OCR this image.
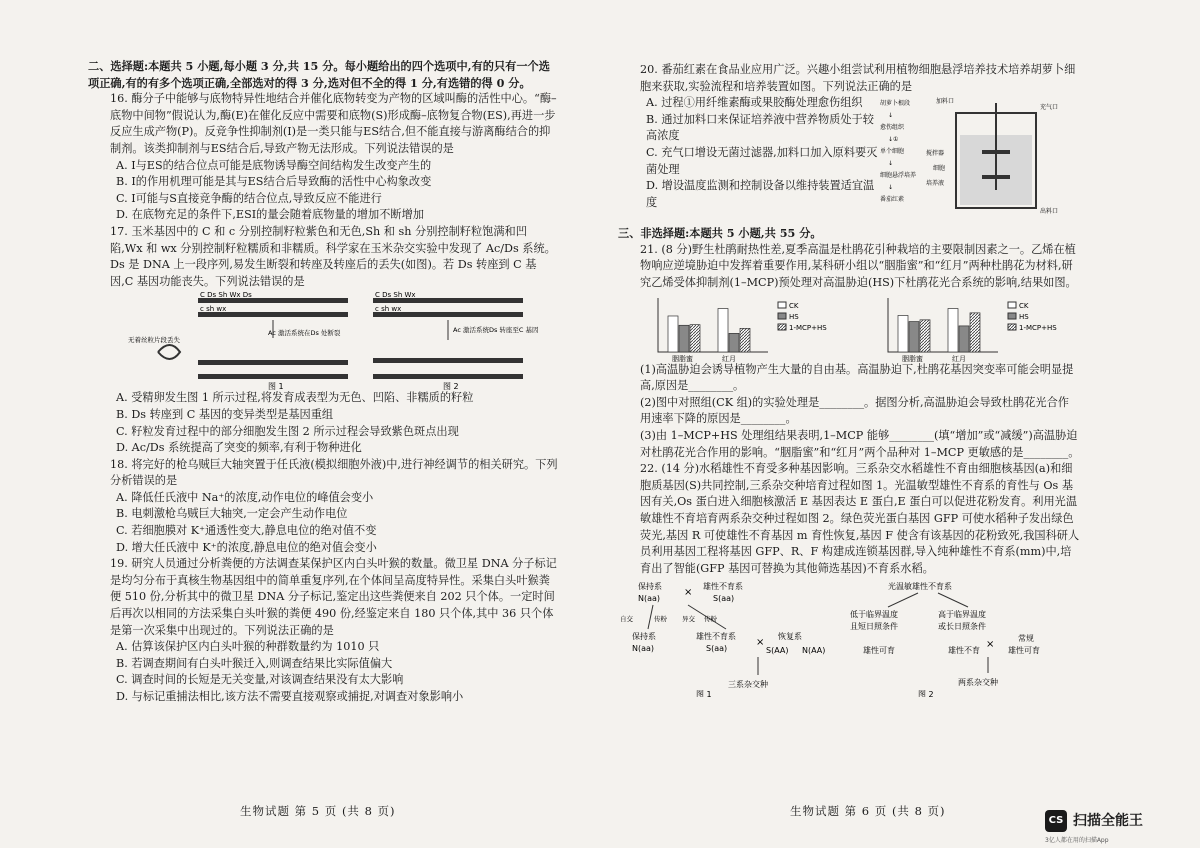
二、选择题:本题共 5 小题,每小题 3 分,共 15 分。每小题给出的四个选项中,有的只有一个选项正确,有的有多个选项正确,全部选对的得 3 分,选对但不全的得 1 分,有选错的得 0 分。

16. 酶分子中能够与底物特异性地结合并催化底物转变为产物的区域叫酶的活性中心。“酶–底物中间物”假说认为,酶(E)在催化反应中需要和底物(S)形成酶–底物复合物(ES),再进一步反应生成产物(P)。反竞争性抑制剂(I)是一类只能与ES结合,但不能直接与游离酶结合的抑制剂。该类抑制剂与ES结合后,导致产物无法形成。下列说法错误的是

A. I与ES的结合位点可能是底物诱导酶空间结构发生改变产生的

B. I的作用机理可能是其与ES结合后导致酶的活性中心构象改变

C. I可能与S直接竞争酶的结合位点,导致反应不能进行

D. 在底物充足的条件下,ESI的量会随着底物量的增加不断增加

17. 玉米基因中的 C 和 c 分别控制籽粒紫色和无色,Sh 和 sh 分别控制籽粒饱满和凹陷,Wx 和 wx 分别控制籽粒糯质和非糯质。科学家在玉米杂交实验中发现了 Ac/Ds 系统。Ds 是 DNA 上一段序列,易发生断裂和转座及转座后的丢失(如图)。若 Ds 转座到 C 基因,C 基因功能丧失。下列说法错误的是

C Ds Sh Wx Ds
c sh wx
C Ds Sh Wx
c sh wx
无着丝粒片段丢失
Ac 激活系统在Ds 处断裂	Ac 激活系统Ds 转座至C 基因
图 1	图 2

A. 受精卵发生图 1 所示过程,将发育成表型为无色、凹陷、非糯质的籽粒

B. Ds 转座到 C 基因的变异类型是基因重组

C. 籽粒发育过程中的部分细胞发生图 2 所示过程会导致紫色斑点出现

D. Ac/Ds 系统提高了突变的频率,有利于物种进化

18. 将完好的枪乌贼巨大轴突置于任氏液(模拟细胞外液)中,进行神经调节的相关研究。下列分析错误的是

A. 降低任氏液中 Na⁺的浓度,动作电位的峰值会变小

B. 电刺激枪乌贼巨大轴突,一定会产生动作电位

C. 若细胞膜对 K⁺通透性变大,静息电位的绝对值不变

D. 增大任氏液中 K⁺的浓度,静息电位的绝对值会变小

19. 研究人员通过分析粪便的方法调查某保护区内白头叶猴的数量。微卫星 DNA 分子标记是均匀分布于真核生物基因组中的简单重复序列,在个体间呈高度特异性。采集白头叶猴粪便 510 份,分析其中的微卫星 DNA 分子标记,鉴定出这些粪便来自 202 只个体。一定时间后再次以相同的方法采集白头叶猴的粪便 490 份,经鉴定来自 180 只个体,其中 36 只个体是第一次采集中出现过的。下列说法正确的是

A. 估算该保护区内白头叶猴的种群数量约为 1010 只

B. 若调查期间有白头叶猴迁入,则调查结果比实际值偏大

C. 调查时间的长短是无关变量,对该调查结果没有太大影响

D. 与标记重捕法相比,该方法不需要直接观察或捕捉,对调查对象影响小

生物试题 第 5 页 (共 8 页)

20. 番茄红素在食品业应用广泛。兴趣小组尝试利用植物细胞悬浮培养技术培养胡萝卜细胞来获取,实验流程和培养装置如图。下列说法正确的是

A. 过程①用纤维素酶或果胶酶处理愈伤组织

B. 通过加料口来保证培养液中营养物质处于较高浓度

C. 充气口增设无菌过滤器,加料口加入原料要灭菌处理

D. 增设温度监测和控制设备以维持装置适宜温度

胡萝卜根段
↓
愈伤组织
↓①
单个细胞
↓
细胞悬浮培养
↓
番茄红素
加料口
充气口
搅拌器
细胞
出料口
培养液

三、非选择题:本题共 5 小题,共 55 分。

21. (8 分)野生杜鹃耐热性差,夏季高温是杜鹃花引种栽培的主要限制因素之一。乙烯在植物响应逆境胁迫中发挥着重要作用,某科研小组以“胭脂蜜”和“红月”两种杜鹃花为材料,研究乙烯受体抑制剂(1–MCP)预处理对高温胁迫(HS)下杜鹃花光合系统的影响,结果如图。

胭脂蜜	红月
CK
HS
1-MCP+HS
胭脂蜜	红月
CK
HS
1-MCP+HS

(1)高温胁迫会诱导植物产生大量的自由基。高温胁迫下,杜鹃花基因突变率可能会明显提高,原因是________。

(2)图中对照组(CK 组)的实验处理是________。据图分析,高温胁迫会导致杜鹃花光合作用速率下降的原因是________。

(3)由 1–MCP+HS 处理组结果表明,1–MCP 能够________(填“增加”或“减缓”)高温胁迫对杜鹃花光合作用的影响。“胭脂蜜”和“红月”两个品种对 1–MCP 更敏感的是________。

22. (14 分)水稻雄性不育受多种基因影响。三系杂交水稻雄性不育由细胞核基因(a)和细胞质基因(S)共同控制,三系杂交种培育过程如图 1。光温敏型雄性不育系的育性与 Os 基因有关,Os 蛋白进入细胞核激活 E 基因表达 E 蛋白,E 蛋白可以促进花粉发育。利用光温敏雄性不育培育两系杂交种过程如图 2。绿色荧光蛋白基因 GFP 可使水稻种子发出绿色荧光,基因 R 可使雄性不育基因 m 育性恢复,基因 F 使含有该基因的花粉致死,我国科研人员利用基因工程将基因 GFP、R、F 构建成连锁基因群,导入纯种雄性不育系(mm)中,培育出了智能(GFP 基因可替换为其他筛选基因)不育系水稻。

保持系
N(aa)
×
雄性不育系
S(aa)
自交	传粉 异交 传粉
保持系
N(aa)
雄性不育系
S(aa)
×
恢复系
S(AA) N(AA)
三系杂交种
图 1
光温敏雄性不育系
低于临界温度
且短日照条件
高于临界温度
或长日照条件
雄性可育	雄性不育
×
常规
雄性可育
两系杂交种
图 2
生物试题 第 6 页 (共 8 页)
CS 扫描全能王
3亿人都在用的扫描App
